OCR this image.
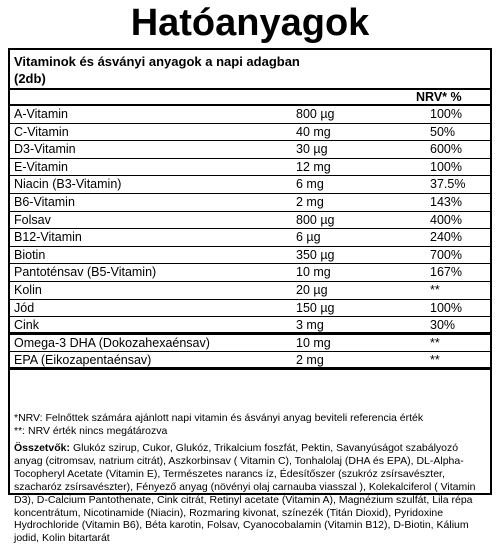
Hatóanyagok
Vitaminok és ásványi anyagok a napi adagban (2db)
NRV* %
A-Vitamin	800 µg	100%
C-Vitamin	40 mg	50%
D3-Vitamin	30 µg	600%
E-Vitamin	12 mg	100%
Niacin (B3-Vitamin)	6 mg	37.5%
B6-Vitamin	2 mg	143%
Folsav	800 µg	400%
B12-Vitamin	6 µg	240%
Biotin	350 µg	700%
Pantoténsav (B5-Vitamin)	10 mg	167%
Kolin	20 µg	**
Jód	150 µg	100%
Cink	3 mg	30%
Omega-3 DHA (Dokozahexaénsav)	10 mg	**
EPA (Eikozapentaénsav)	2 mg	**
*NRV: Felnőttek számára ajánlott napi vitamin és ásványi anyag beviteli referencia érték
**: NRV érték nincs megátározva
Összetvők: Glukóz szirup, Cukor, Glukóz, Trikalcium foszfát, Pektin, Savanyúságot szabályozó anyag (citromsav, natrium citrát), Aszkorbinsav ( Vitamin C), Tonhalolaj (DHA és EPA), DL-Alpha-Tocopheryl Acetate (Vitamin E), Természetes narancs íz, Édesítőszer (szukróz zsírsavészter, szacharóz zsírsavészter), Fényező anyag (növényi olaj carnauba viasszal ), Kolekalciferol ( Vitamin D3), D-Calcium Pantothenate, Cink citrát, Retinyl acetate (Vitamin A), Magnézium szulfát, Lila répa koncentrátum, Nicotinamide (Niacin), Rozmaring kivonat, színezék (Titán Dioxid), Pyridoxine Hydrochloride (Vitamin B6), Béta karotin, Folsav, Cyanocobalamin (Vitamin B12), D-Biotin, Kálium jodid, Kolin bitartarát
